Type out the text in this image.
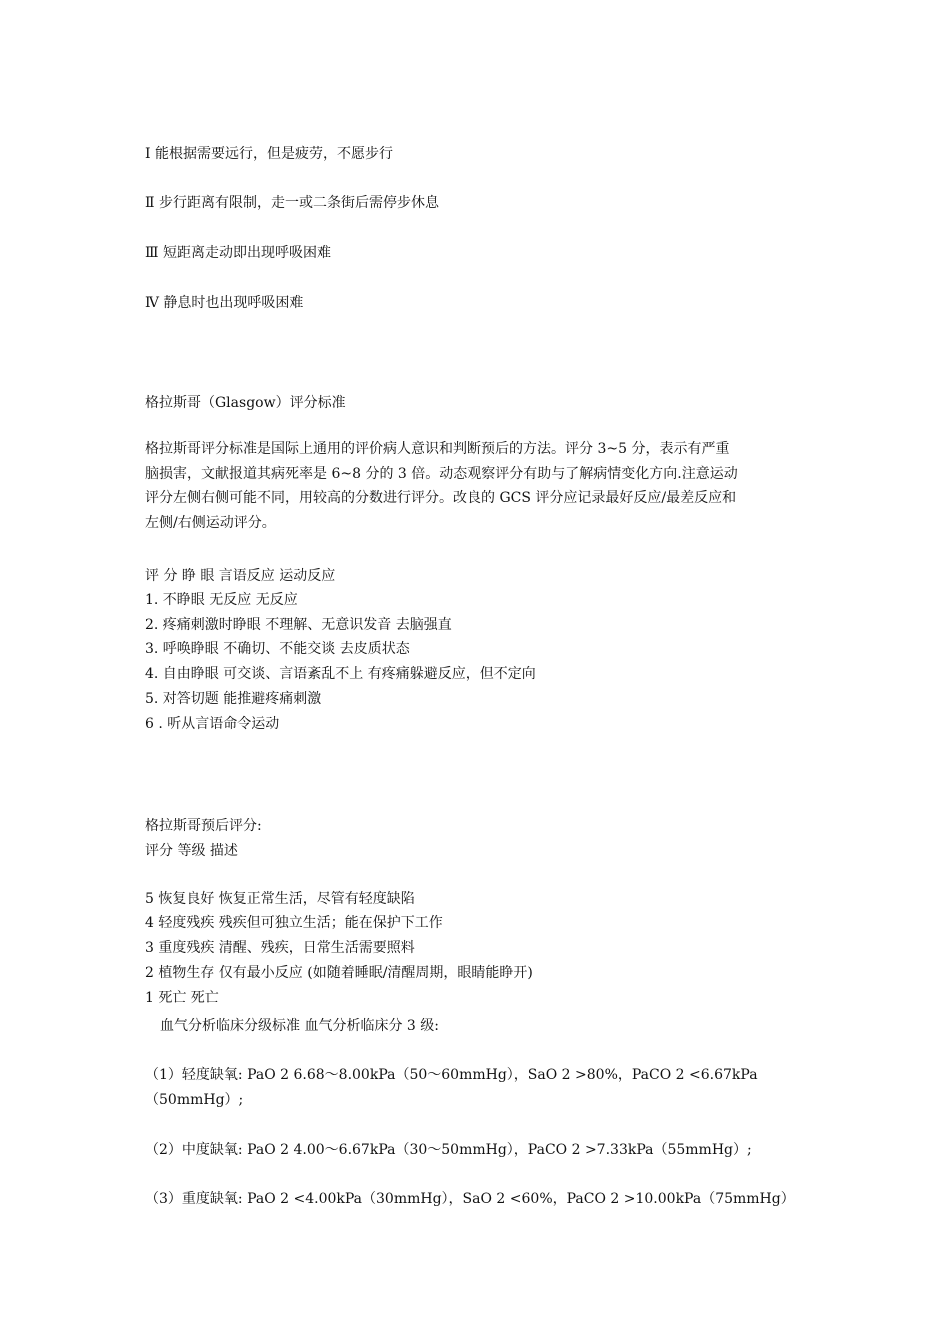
Ⅰ 能根据需要远行，但是疲劳，不愿步行
Ⅱ 步行距离有限制，走一或二条街后需停步休息
Ⅲ 短距离走动即出现呼吸困难
Ⅳ 静息时也出现呼吸困难
格拉斯哥（Glasgow）评分标准
格拉斯哥评分标准是国际上通用的评价病人意识和判断预后的方法。评分 3~5 分，表示有严重
脑损害，文献报道其病死率是 6~8 分的 3 倍。动态观察评分有助与了解病情变化方向.注意运动
评分左侧右侧可能不同，用较高的分数进行评分。改良的 GCS 评分应记录最好反应/最差反应和
左侧/右侧运动评分。
评 分 睁 眼 言语反应 运动反应
1. 不睁眼 无反应 无反应
2. 疼痛刺激时睁眼 不理解、无意识发音 去脑强直
3. 呼唤睁眼 不确切、不能交谈 去皮质状态
4. 自由睁眼 可交谈、言语紊乱不上 有疼痛躲避反应，但不定向
5. 对答切题 能推避疼痛刺激
6 . 听从言语命令运动
格拉斯哥预后评分:
评分 等级 描述
5 恢复良好 恢复正常生活，尽管有轻度缺陷
4 轻度残疾 残疾但可独立生活；能在保护下工作
3 重度残疾 清醒、残疾，日常生活需要照料
2 植物生存 仅有最小反应 (如随着睡眠/清醒周期，眼睛能睁开)
1 死亡 死亡
血气分析临床分级标准 血气分析临床分 3 级:
（1）轻度缺氧: PaO 2 6.68～8.00kPa（50～60mmHg），SaO 2 >80%，PaCO 2 <6.67kPa
（50mmHg）;
（2）中度缺氧: PaO 2 4.00～6.67kPa（30～50mmHg），PaCO 2 >7.33kPa（55mmHg）;
（3）重度缺氧: PaO 2 <4.00kPa（30mmHg），SaO 2 <60%，PaCO 2 >10.00kPa（75mmHg）
